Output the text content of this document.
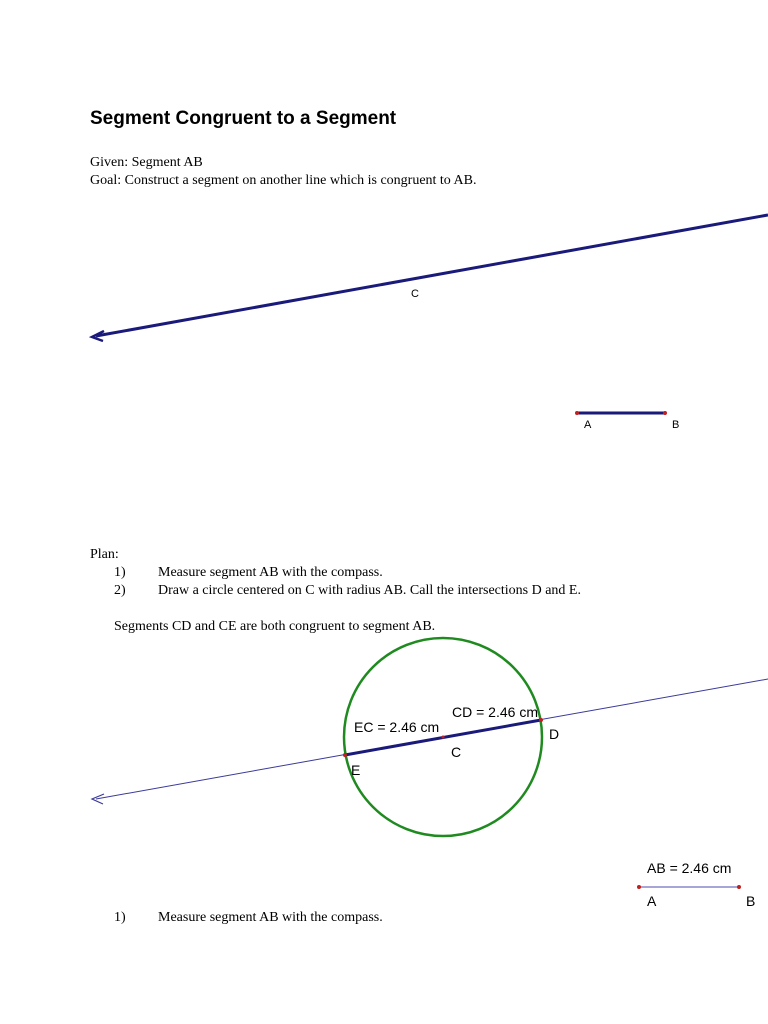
Segment Congruent to a Segment
Given: Segment AB
Goal: Construct a segment on another line which is congruent to AB.
C
A	B
Plan:
1) Measure segment AB with the compass.
2) Draw a circle centered on C with radius AB. Call the intersections D and E.
Segments CD and CE are both congruent to segment AB.
CD = 2.46 cm
EC = 2.46 cm	D
C
E
AB = 2.46 cm
A	B
1) Measure segment AB with the compass.
